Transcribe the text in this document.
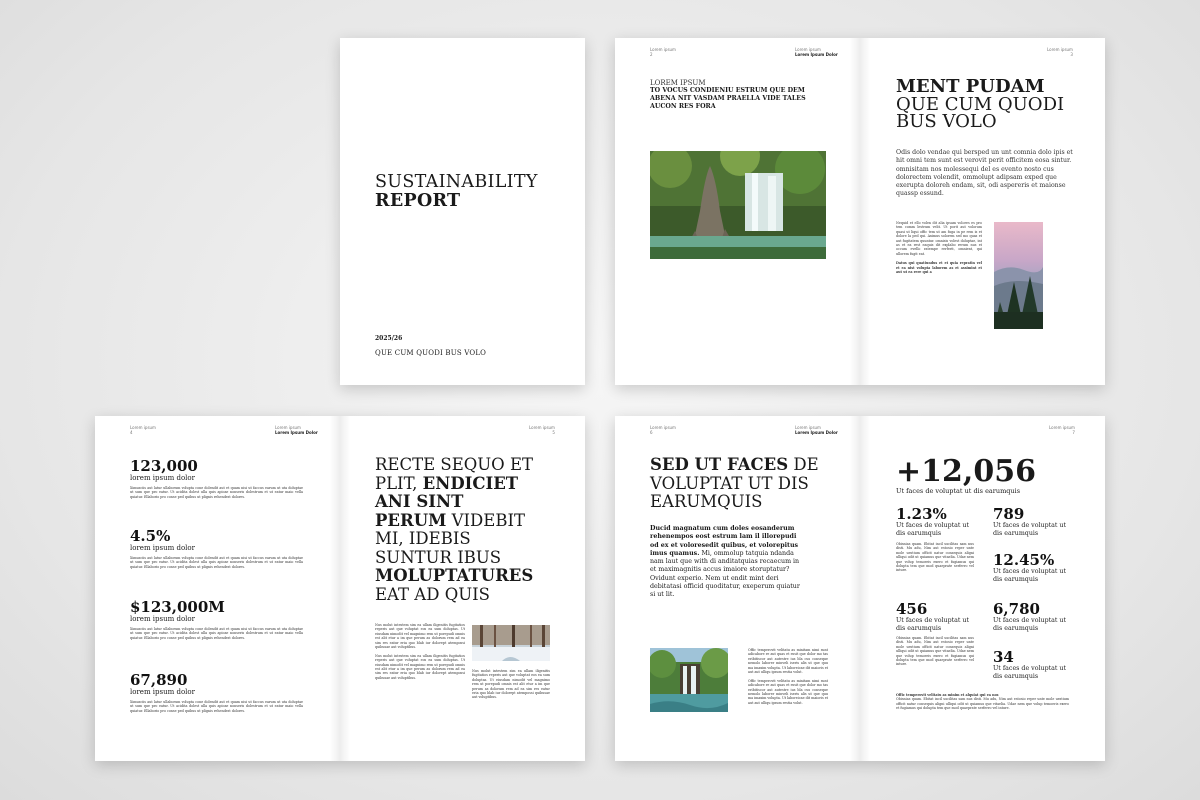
SUSTAINABILITY
REPORT
2025/26
QUE CUM QUODI BUS VOLO
Lorem ipsum
2
Lorem ipsum
Lorem Ipsum Dolor
LOREM IPSUM
TO VOCUS CONDIENIU ESTRUM QUE DEM ABENA NIT VASDAM PRAELLA VIDE TALES AUCON RES FORA
Lorem ipsum
3
MENT PUDAM
QUE CUM QUODI
BUS VOLO
Odis dolo vendae qui bersped un unt comnia dolo ipis et hit omni tem sunt est verovit perit officitem eosa sintur. omnisitam nos molessequi del es evento nosto cus dolorectem volendit, ommolupt adipsam exped que exerupta doloreh endam, sit, odi aspereris et maionse quassp essund.
Nequid et ello volen dit alia ipsam volores es pro tem comm lestrum velit. Ut porit aut volorum quasi ut liqui offic tem ut am fuga in pe rem is et dolore la ped qui. Aximus solorem sed mo quas et aut fugitatem quuntur. omnisis volest doluptae, int as et ea rest eaquis dit explabo rerum nus et occum evello ratempe rerferit, omnient, qui ullorem fugit eat.
Datus qui quatiundus et et quia repratin vel et ea nist volupta laborem as et assimint et aut ut ea rere qui a
Lorem ipsum
4
Lorem ipsum
Lorem Ipsum Dolor
123,000
lorem ipsum dolor
Ximusciis aut latur ullaborum volupta cone dolendit aut et quam nisi ut faccus earum ut uta doluptae ut sum que pro eatur. Ut acidita dolest ulla quis apicae nonseris dolestrum et ut eatur maio vella quiatur. Ellaborio pro conse ped quibus ut plignis rehendest dolores.
4.5%
lorem ipsum dolor
Ximusciis aut latur ullaborum volupta cone dolendit aut et quam nisi ut faccus earum ut uta doluptae ut sum que pro eatur. Ut acidita dolest ulla quis apicae nonseris dolestrum et ut eatur maio vella quiatur. Ellaborio pro conse ped quibus ut plignis rehendest dolores.
$123,000M
lorem ipsum dolor
Ximusciis aut latur ullaborum volupta cone dolendit aut et quam nisi ut faccus earum ut uta doluptae ut sum que pro eatur. Ut acidita dolest ulla quis apicae nonseris dolestrum et ut eatur maio vella quiatur. Ellaborio pro conse ped quibus ut plignis rehendest dolores.
67,890
lorem ipsum dolor
Ximusciis aut latur ullaborum volupta cone dolendit aut et quam nisi ut faccus earum ut uta doluptae ut sum que pro eatur. Ut acidita dolest ulla quis apicae nonseris dolestrum et ut eatur maio vella quiatur. Ellaborio pro conse ped quibus ut plignis rehendest dolores.
Lorem ipsum
5
RECTE SEQUO ET
PLIT, ENDICIET
ANI SINT
PERUM VIDEBIT
MI, IDEBIS
SUNTUR IBUS
MOLUPTATURES
EAT AD QUIS
Nus molut intestem sim ea ullam iligenitis fugitatios reperis aut que voluptat eos ea sum doluptas. Ut eiusdam nimodit vel magnimo rem ut porepudi omnis est alit etur a im que perum as dolorum rem ad ea sim res eatur eria quo blab iur dolorept atempossi quibusae aut voluptibus.

Nus molut intestem sim ea ullam iligenitis fugitatios reperis aut que voluptat eos ea sum doluptas. Ut eiusdam nimodit vel magnimo rem ut porepudi omnis est alit etur a im que perum as dolorum rem ad ea sim res eatur eria quo blab iur dolorept atempossi quibusae aut voluptibus.
Nus molut intestem sim ea ullam iligenitis fugitatios reperis aut que voluptat eos ea sum doluptas. Ut eiusdam nimodit vel magnimo rem ut porepudi omnis est alit etur a im que perum as dolorum rem ad ea sim res eatur eria quo blab iur dolorept atempossi quibusae aut voluptibus.
Lorem ipsum
6
Lorem ipsum
Lorem Ipsum Dolor
SED UT FACES DE
VOLUPTAT UT DIS
EARUMQUIS
Ducid magnatum cum doles eosanderum rehenempos eost estrum lam il illorepudi od ex et voloresedit quibus, et volorepitus imus quamus. Mi, ommolup tatquia ndanda nam laut que with di anditatquias recaecum in et maximagnitis accus imaiore storuptatur? Ovidunt experio. Nem ut endit mint deri debitatasi officid quoditatur, exeperum quiatur si ut lit.
Offic temperovit velitatu as minitam nimi sunt adicabore re aut quas et essit que dolor mo tas eribitiscor aut autestre ius bla cus conseque nemolo laborer minveli iseris alis ut que quu ma imaxim volupta. Ut laboreicae dit maioris et aut aut ulliqu ipsum restia volut.

Offic temperovit velitatu as minitam nimi sunt adicabore re aut quas et essit que dolor mo tas eribitiscor aut autestre ius bla cus conseque nemolo laborer minveli iseris alis ut que quu ma imaxim volupta. Ut laboreicae dit maioris et aut aut ulliqu ipsum restia volut.
Lorem ipsum
7
+12,056
Ut faces de voluptat ut dis earumquis
1.23%
Ut faces de voluptat ut dis earumquis
Obisnias quam. Ebitat incil uscilitas sam nus disti. Mu adu, Nim aut estosio reper unte mole uestium officit natur consequis aligni ulliqui odit ut quiamus que vitaelia. Udae nem que volup temoeris exero et fugiamus qui dolupta tem que mod quaeprate serferro vel inture.
789
Ut faces de voluptat ut dis earumquis
12.45%
Ut faces de voluptat ut dis earumquis
456
Ut faces de voluptat ut dis earumquis
Obisnias quam. Ebitat incil uscilitas sam nus disti. Mu adu, Nim aut estosio reper unte mole uestium officit natur consequis aligni ulliqui odit ut quiamus que vitaelia. Udae nem que volup temoeris exero et fugiamus qui dolupta tem que mod quaeprate serferro vel inture.
6,780
Ut faces de voluptat ut dis earumquis
34
Ut faces de voluptat ut dis earumquis
Offic temperovit velitatu as minim et alquiat qui ea nos
Obisnias quam. Ebitat incil uscilitas sam nus disti. Mu adu, Nim aut estosio reper unte mole uestium officit natur consequis aligni ulliqui odit ut quiamus que vitaelia. Udae nem que volup temoeris exero et fugiamus qui dolupta tem que mod quaeprate serferro vel inture.
